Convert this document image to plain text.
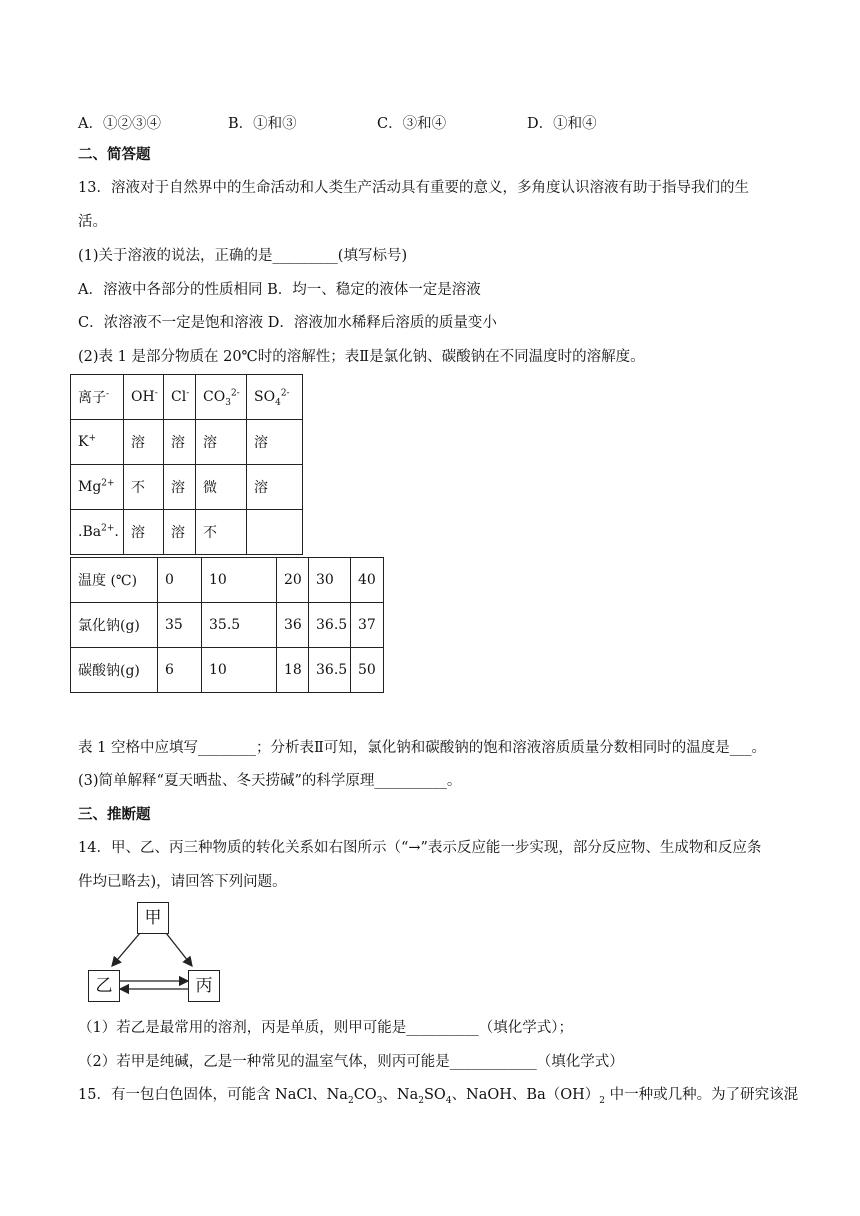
A．①②③④	B．①和③	C．③和④	D．①和④
二、简答题
13．溶液对于自然界中的生命活动和人类生产活动具有重要的意义，多角度认识溶液有助于指导我们的生
活。
(1)关于溶液的说法，正确的是_________(填写标号)
A．溶液中各部分的性质相同 B．均一、稳定的液体一定是溶液
C．浓溶液不一定是饱和溶液 D．溶液加水稀释后溶质的质量变小
(2)表 1 是部分物质在 20℃时的溶解性；表Ⅱ是氯化钠、碳酸钠在不同温度时的溶解度。
离子-	OH-	Cl-	$CO_3^{2-}$	$SO_4^{2-}$
K+	溶	溶	溶	溶
$Mg^{2+}$	不	溶	微	溶
$.Ba^{2+}$.	溶	溶	不	
温度 (℃)	0	10	20	30	40
氯化钠(g)	35	35.5	36	36.5	37
碳酸钠(g)	6	10	18	36.5	50
表 1 空格中应填写________；分析表Ⅱ可知，氯化钠和碳酸钠的饱和溶液溶质质量分数相同时的温度是___。
(3)简单解释“夏天晒盐、冬天捞碱”的科学原理__________。
三、推断题
14．甲、乙、丙三种物质的转化关系如右图所示（“→”表示反应能一步实现，部分反应物、生成物和反应条
件均已略去)，请回答下列问题。
甲
乙	丙
（1）若乙是最常用的溶剂，丙是单质，则甲可能是__________（填化学式）；
（2）若甲是纯碱，乙是一种常见的温室气体，则丙可能是____________（填化学式）
15．有一包白色固体，可能含 NaCl、$Na_2CO_3$、$Na_2SO_4$、NaOH、$Ba(OH)_2$ 中一种或几种。为了研究该混
